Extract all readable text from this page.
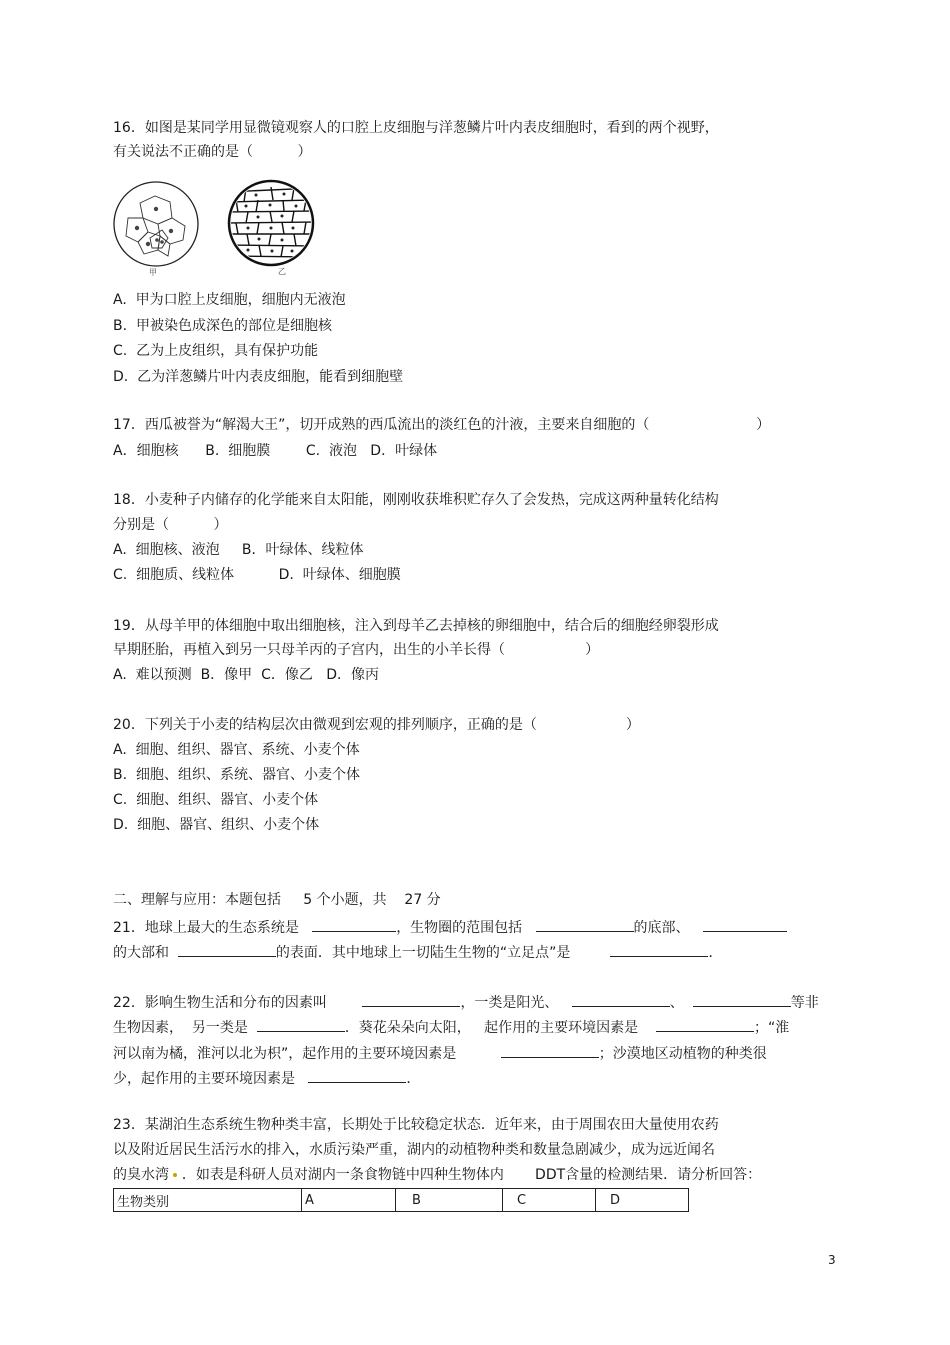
16．如图是某同学用显微镜观察人的口腔上皮细胞与洋葱鳞片叶内表皮细胞时，看到的两个视野，
有关说法不正确的是（          ）
甲	乙
A.  甲为口腔上皮细胞，细胞内无液泡
B.  甲被染色成深色的部位是细胞核
C.  乙为上皮组织，具有保护功能
D.  乙为洋葱鳞片叶内表皮细胞，能看到细胞壁
17．西瓜被誉为“解渴大王”，切开成熟的西瓜流出的淡红色的汁液，主要来自细胞的（                        ）
A．细胞核      B.  细胞膜        C.  液泡   D．叶绿体
18．小麦种子内储存的化学能来自太阳能，刚刚收获堆积贮存久了会发热，完成这两种量转化结构
分别是（          ）
A.  细胞核、液泡     B．叶绿体、线粒体
C.  细胞质、线粒体          D.  叶绿体、细胞膜
19．从母羊甲的体细胞中取出细胞核，注入到母羊乙去掉核的卵细胞中，结合后的细胞经卵裂形成
早期胚胎，再植入到另一只母羊丙的子宫内，出生的小羊长得（                  ）
A.  难以预测  B．像甲  C．像乙   D．像丙
20．下列关于小麦的结构层次由微观到宏观的排列顺序，正确的是（                    ）
A.  细胞、组织、器官、系统、小麦个体
B.  细胞、组织、系统、器官、小麦个体
C.  细胞、组织、器官、小麦个体
D.  细胞、器官、组织、小麦个体
二、理解与应用：本题包括     5 个小题，共    27 分
21．地球上最大的生态系统是	，生物圈的范围包括	的底部、
的大部和	的表面．其中地球上一切陆生生物的“立足点”是	．
22．影响生物生活和分布的因素叫	，一类是阳光、	、	等非
生物因素，  另一类是	．葵花朵朵向太阳，   起作用的主要环境因素是	；“淮
河以南为橘，淮河以北为枳”，起作用的主要环境因素是	；沙漠地区动植物的种类很
少，起作用的主要环境因素是	．
23．某湖泊生态系统生物种类丰富，长期处于比较稳定状态．近年来，由于周围农田大量使用农药
以及附近居民生活污水的排入，水质污染严重，湖内的动植物种类和数量急剧减少，成为远近闻名
的臭水湾 ．如表是科研人员对湖内一条食物链中四种生物体内       DDT含量的检测结果．请分析回答：
生物类别	A	B	C	D
3
